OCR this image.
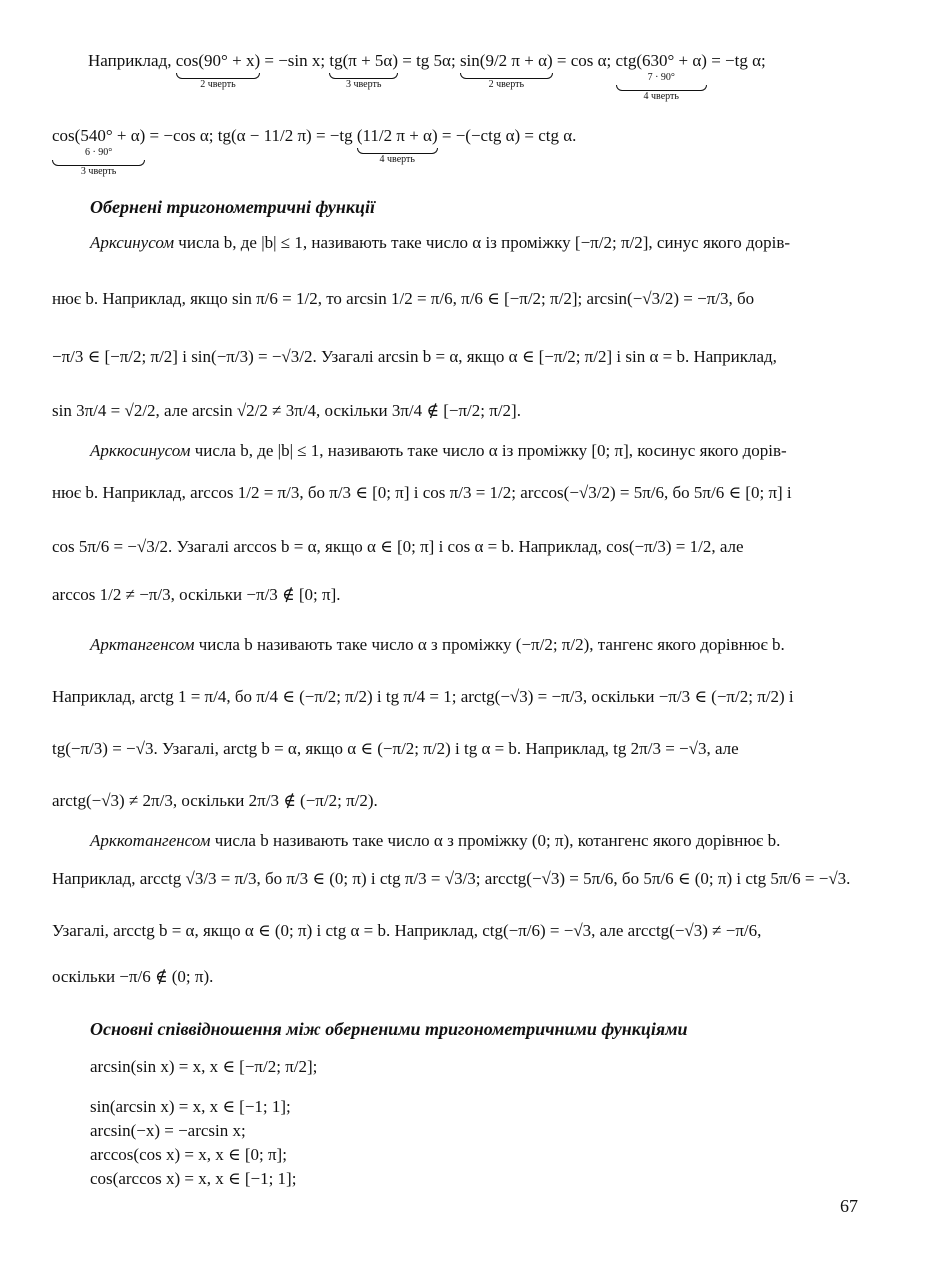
Наприклад, cos(90° + x)
2 чверть
= −sin x; tg(π + 5α)
3 чверть
= tg 5α; sin(9/2 π + α)
2 чверть
= cos α; ctg(630° + α)
7 · 90°
4 чверть
= −tg α;
cos(540° + α)
6 · 90°
3 чверть
= −cos α; tg(α − 11/2 π) = −tg (11/2 π + α)
4 чверть
= −(−ctg α) = ctg α.
Обернені тригонометричні функції
Арксинусом числа b, де |b| ≤ 1, називають таке число α із проміжку [−π/2; π/2], синус якого дорів-
нює b. Наприклад, якщо sin π/6 = 1/2, то arcsin 1/2 = π/6, π/6 ∈ [−π/2; π/2]; arcsin(−√3/2) = −π/3, бо
−π/3 ∈ [−π/2; π/2] і sin(−π/3) = −√3/2. Узагалі arcsin b = α, якщо α ∈ [−π/2; π/2] і sin α = b. Наприклад,
sin 3π/4 = √2/2, але arcsin √2/2 ≠ 3π/4, оскільки 3π/4 ∉ [−π/2; π/2].
Арккосинусом числа b, де |b| ≤ 1, називають таке число α із проміжку [0; π], косинус якого дорів-
нює b. Наприклад, arccos 1/2 = π/3, бо π/3 ∈ [0; π] і cos π/3 = 1/2; arccos(−√3/2) = 5π/6, бо 5π/6 ∈ [0; π] і
cos 5π/6 = −√3/2. Узагалі arccos b = α, якщо α ∈ [0; π] і cos α = b. Наприклад, cos(−π/3) = 1/2, але
arccos 1/2 ≠ −π/3, оскільки −π/3 ∉ [0; π].
Арктангенсом числа b називають таке число α з проміжку (−π/2; π/2), тангенс якого дорівнює b.
Наприклад, arctg 1 = π/4, бо π/4 ∈ (−π/2; π/2) і tg π/4 = 1; arctg(−√3) = −π/3, оскільки −π/3 ∈ (−π/2; π/2) і
tg(−π/3) = −√3. Узагалі, arctg b = α, якщо α ∈ (−π/2; π/2) і tg α = b. Наприклад, tg 2π/3 = −√3, але
arctg(−√3) ≠ 2π/3, оскільки 2π/3 ∉ (−π/2; π/2).
Арккотангенсом числа b називають таке число α з проміжку (0; π), котангенс якого дорівнює b.
Наприклад, arcctg √3/3 = π/3, бо π/3 ∈ (0; π) і ctg π/3 = √3/3; arcctg(−√3) = 5π/6, бо 5π/6 ∈ (0; π) і ctg 5π/6 = −√3.
Узагалі, arcctg b = α, якщо α ∈ (0; π) і ctg α = b. Наприклад, ctg(−π/6) = −√3, але arcctg(−√3) ≠ −π/6,
оскільки −π/6 ∉ (0; π).
Основні співвідношення між оберненими тригонометричними функціями
arcsin(sin x) = x, x ∈ [−π/2; π/2];
sin(arcsin x) = x, x ∈ [−1; 1];
arcsin(−x) = −arcsin x;
arccos(cos x) = x, x ∈ [0; π];
cos(arccos x) = x, x ∈ [−1; 1];
67
